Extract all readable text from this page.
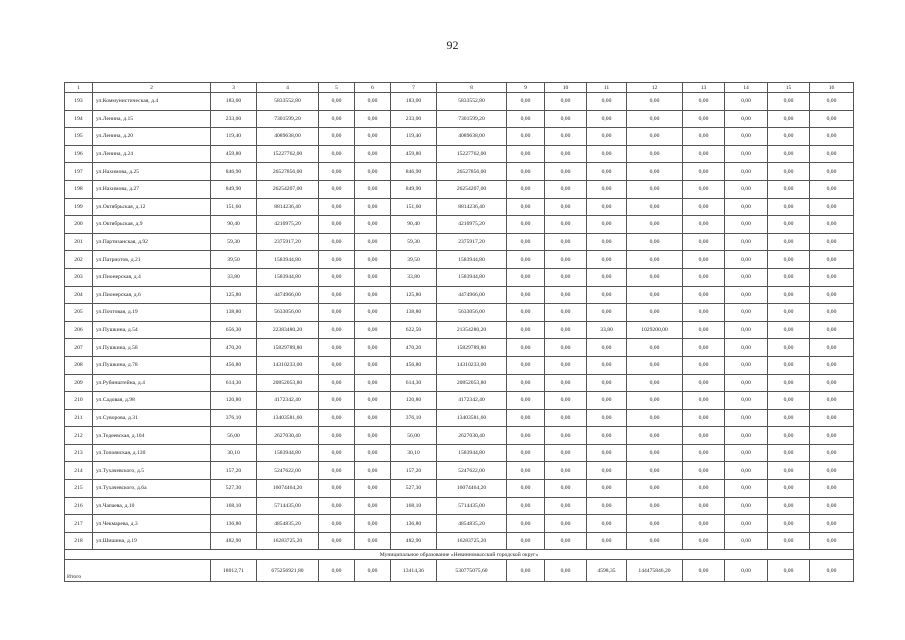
92
1	2	3	4	5	6	7	8	9	10	11	12	13	14	15	16
193	ул.Коммунистическая, д.4	183,00	5833552,80	0,00	0,00	183,00	5833552,80	0,00	0,00	0,00	0,00	0,00	0,00	0,00	0,00
194	ул.Ленина, д.15	233,00	7301599,20	0,00	0,00	233,00	7301599,20	0,00	0,00	0,00	0,00	0,00	0,00	0,00	0,00
195	ул.Ленина, д.20	119,40	4089638,00	0,00	0,00	119,40	4089638,00	0,00	0,00	0,00	0,00	0,00	0,00	0,00	0,00
196	ул.Ленина, д.24	459,80	15227762,00	0,00	0,00	459,80	15227762,00	0,00	0,00	0,00	0,00	0,00	0,00	0,00	0,00
197	ул.Нахимова, д.25	846,90	26527856,00	0,00	0,00	846,90	26527856,00	0,00	0,00	0,00	0,00	0,00	0,00	0,00	0,00
198	ул.Нахимова, д.27	849,90	26254207,00	0,00	0,00	849,90	26254207,00	0,00	0,00	0,00	0,00	0,00	0,00	0,00	0,00
199	ул.Октябрьская, д.12	151,60	8814236,40	0,00	0,00	151,60	8814236,40	0,00	0,00	0,00	0,00	0,00	0,00	0,00	0,00
200	ул.Октябрьская, д.9	90,40	4210975,20	0,00	0,00	90,40	4210975,20	0,00	0,00	0,00	0,00	0,00	0,00	0,00	0,00
201	ул.Партизанская, д.92	59,30	2375917,20	0,00	0,00	59,30	2375917,20	0,00	0,00	0,00	0,00	0,00	0,00	0,00	0,00
202	ул.Патриотов, д.21	39,50	1583944,80	0,00	0,00	39,50	1583944,80	0,00	0,00	0,00	0,00	0,00	0,00	0,00	0,00
203	ул.Пионерская, д.4	33,80	1583944,80	0,00	0,00	33,80	1583944,80	0,00	0,00	0,00	0,00	0,00	0,00	0,00	0,00
204	ул.Пионерская, д.6	125,80	4474966,00	0,00	0,00	125,80	4474966,00	0,00	0,00	0,00	0,00	0,00	0,00	0,00	0,00
205	ул.Почтовая, д.19	138,80	5633056,00	0,00	0,00	138,80	5633056,00	0,00	0,00	0,00	0,00	0,00	0,00	0,00	0,00
206	ул.Пушкина, д.54	656,30	22383480,20	0,00	0,00	622,50	21354280,20	0,00	0,00	33,80	1029200,00	0,00	0,00	0,00	0,00
207	ул.Пушкина, д.58	470,20	15829789,80	0,00	0,00	470,20	15829789,80	0,00	0,00	0,00	0,00	0,00	0,00	0,00	0,00
208	ул.Пушкина, д.78	456,80	14310233,00	0,00	0,00	456,80	14310233,00	0,00	0,00	0,00	0,00	0,00	0,00	0,00	0,00
209	ул.Рубинштейна, д.4	614,30	20852053,80	0,00	0,00	614,30	20852053,80	0,00	0,00	0,00	0,00	0,00	0,00	0,00	0,00
210	ул.Садовая, д.98	120,80	4172342,40	0,00	0,00	120,80	4172342,40	0,00	0,00	0,00	0,00	0,00	0,00	0,00	0,00
211	ул.Суворова, д.31	376,10	13403581,60	0,00	0,00	376,10	13403581,60	0,00	0,00	0,00	0,00	0,00	0,00	0,00	0,00
212	ул.Тедеевская, д.104	56,00	2627030,40	0,00	0,00	56,00	2627030,40	0,00	0,00	0,00	0,00	0,00	0,00	0,00	0,00
213	ул.Топоянская, д.130	30,10	1583944,80	0,00	0,00	30,10	1583944,80	0,00	0,00	0,00	0,00	0,00	0,00	0,00	0,00
214	ул.Тухачевского, д.5	157,20	5247622,00	0,00	0,00	157,20	5247622,00	0,00	0,00	0,00	0,00	0,00	0,00	0,00	0,00
215	ул.Тухачевского, д.6а	527,30	16074464,20	0,00	0,00	527,30	16074464,20	0,00	0,00	0,00	0,00	0,00	0,00	0,00	0,00
216	ул.Чапаева, д.10	168,10	5714435,00	0,00	0,00	168,10	5714435,00	0,00	0,00	0,00	0,00	0,00	0,00	0,00	0,00
217	ул.Чекмарева, д.3	136,80	4854835,20	0,00	0,00	136,80	4854835,20	0,00	0,00	0,00	0,00	0,00	0,00	0,00	0,00
218	ул.Шишина, д.19	482,90	16283725,20	0,00	0,00	482,90	16283725,20	0,00	0,00	0,00	0,00	0,00	0,00	0,00	0,00
Муниципальное образование «Невинномысский городской округ»															
Итого		18012,71	675256921,80	0,00	0,00	13414,36	530775075,60	0,00	0,00	4598,35	144475846,20	0,00	0,00	0,00	0,00
